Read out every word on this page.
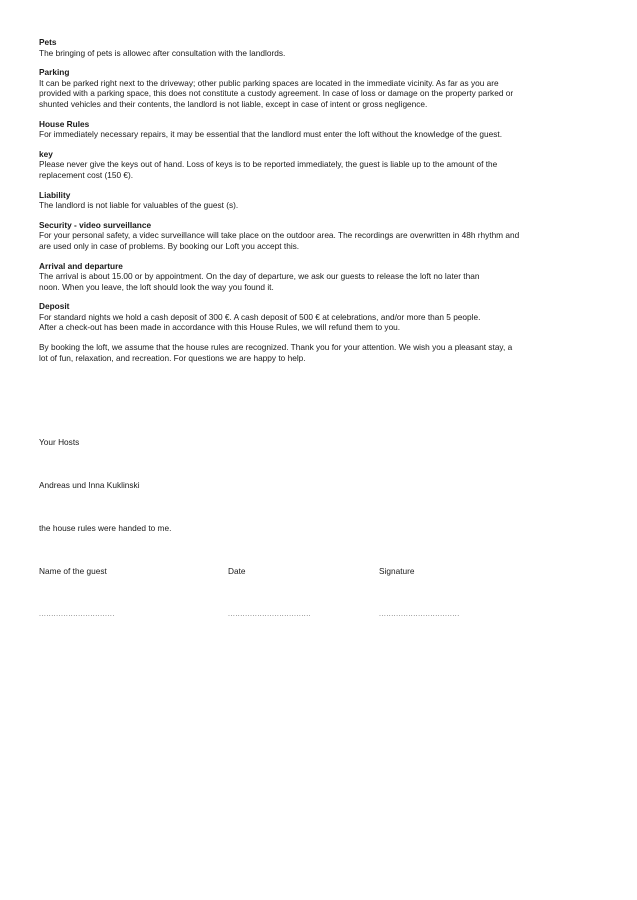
Pets
The bringing of pets is allowec after consultation with the landlords.
Parking
It can be parked right next to the driveway; other public parking spaces are located in the immediate vicinity. As far as you are
provided with a parking space, this does not constitute a custody agreement. In case of loss or damage on the property parked or
shunted vehicles and their contents, the landlord is not liable, except in case of intent or gross negligence.
House Rules
For immediately necessary repairs, it may be essential that the landlord must enter the loft without the knowledge of the guest.
key
Please never give the keys out of hand. Loss of keys is to be reported immediately, the guest is liable up to the amount of the
replacement cost (150 €).
Liability
The landlord is not liable for valuables of the guest (s).
Security - video surveillance
For your personal safety, a videc surveillance will take place on the outdoor area. The recordings are overwritten in 48h rhythm and
are used only in case of problems. By booking our Loft you accept this.
Arrival and departure
The arrival is about 15.00 or by appointment. On the day of departure, we ask our guests to release the loft no later than
noon. When you leave, the loft should look the way you found it.
Deposit
For standard nights we hold a cash deposit of 300 €. A cash deposit of 500 € at celebrations, and/or more than 5 people.
After a check-out has been made in accordance with this House Rules, we will refund them to you.
By booking the loft, we assume that the house rules are recognized. Thank you for your attention. We wish you a pleasant stay, a
lot of fun, relaxation, and recreation. For questions we are happy to help.
Your Hosts
Andreas und Inna Kuklinski
the house rules were handed to me.
Name of the guest	Date	Signature
...............................	..................................	.................................
